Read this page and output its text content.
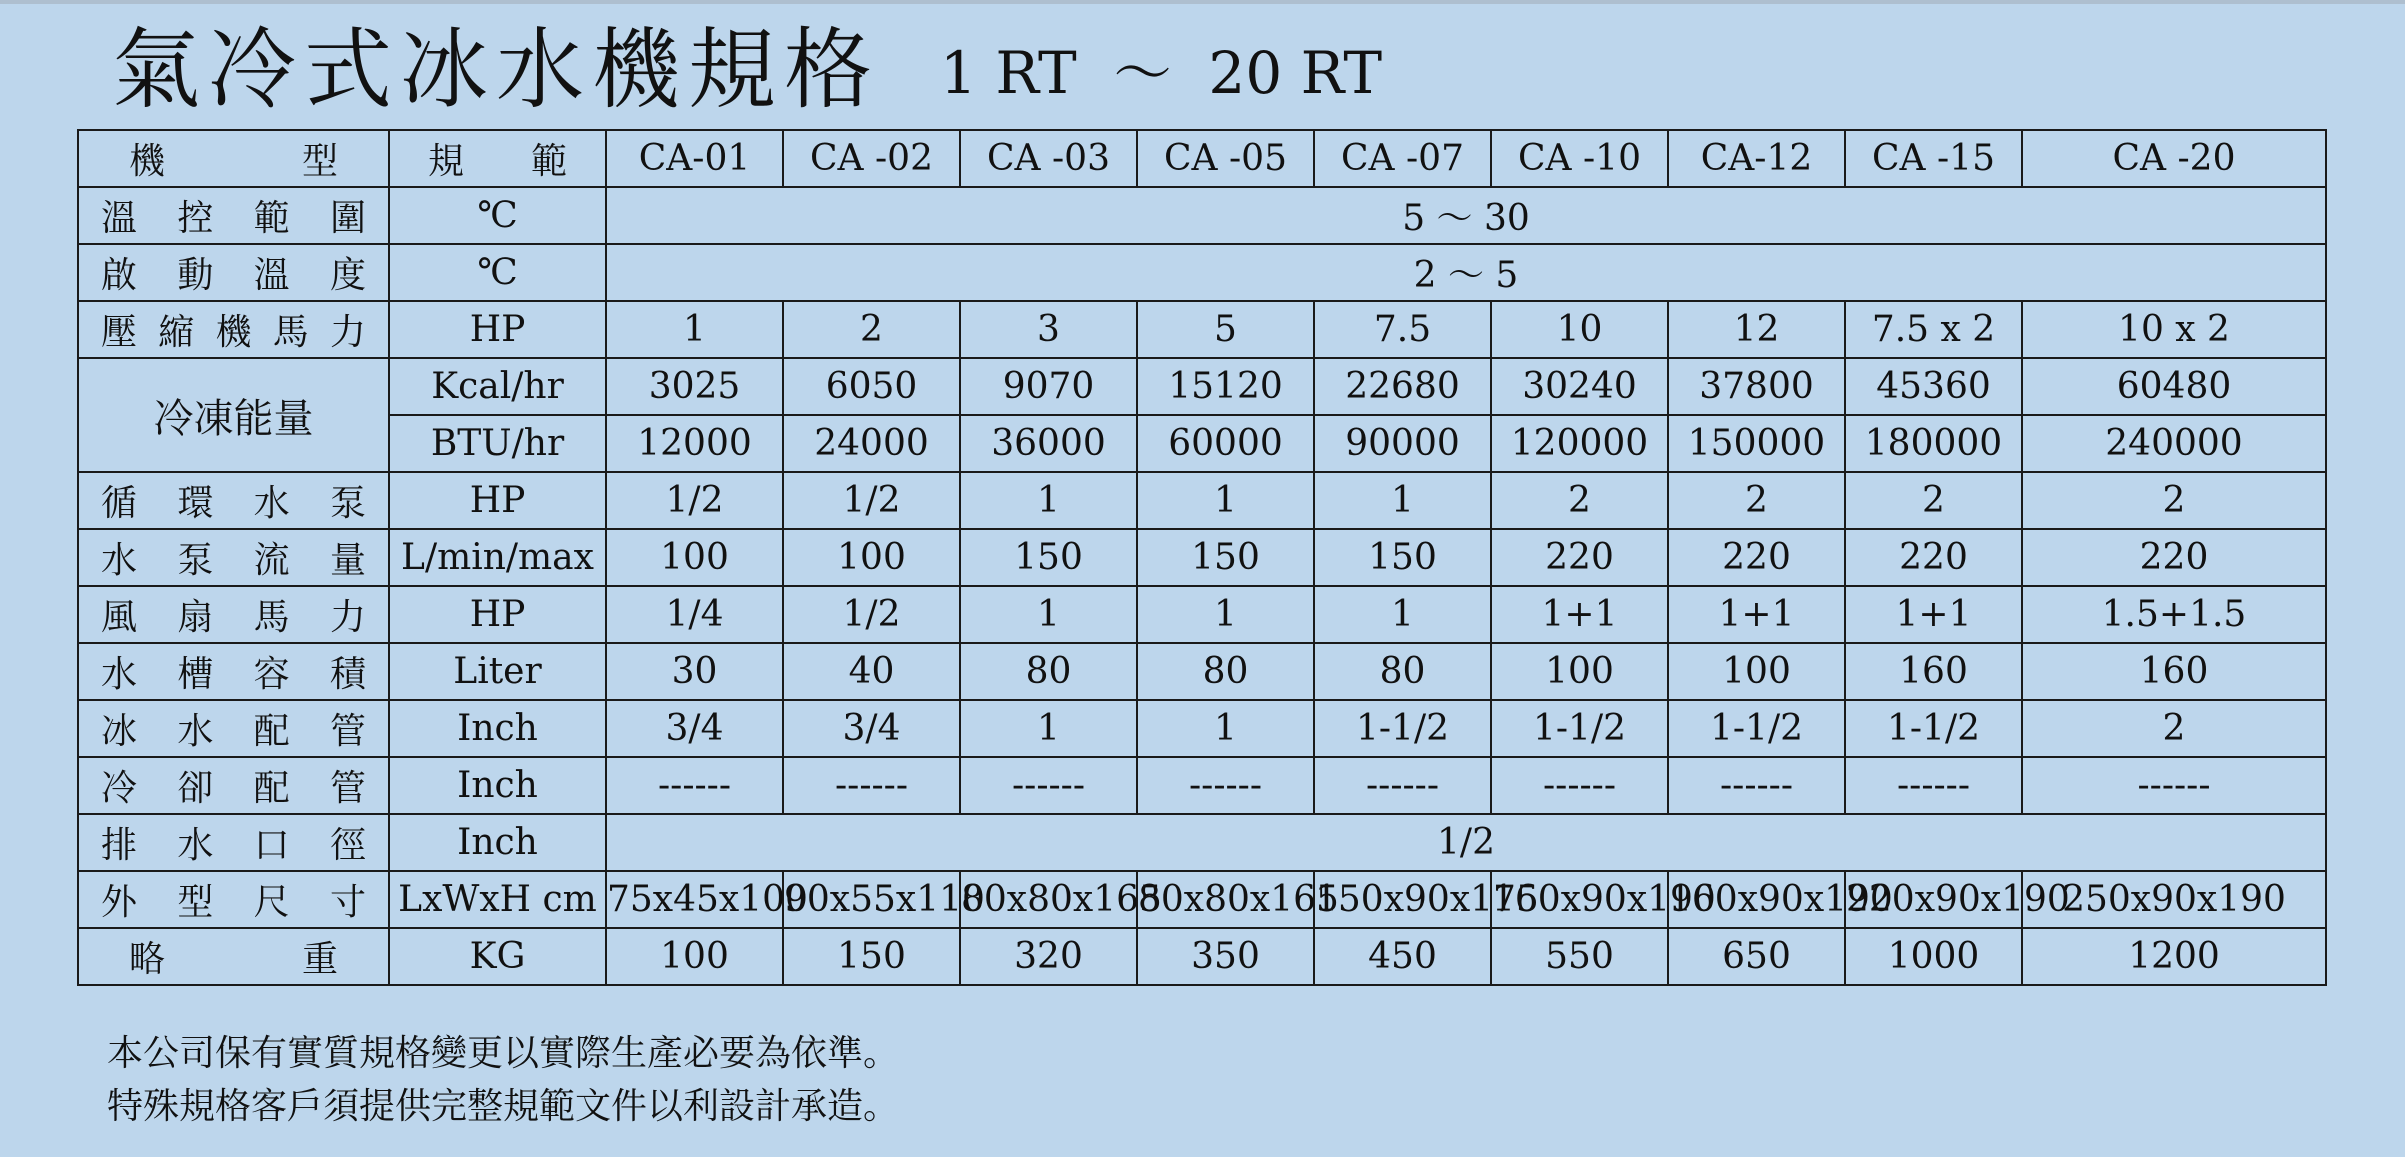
氣冷式冰水機規格 1 RT  ～  20 RT
機型	規範	CA-01	CA -02	CA -03	CA -05	CA -07	CA -10	CA-12	CA -15	CA -20

溫控範圍	℃	5 ～ 30								

啟動溫度	℃	2 ～ 5								

壓縮機馬力	HP	1	2	3	5	7.5	10	12	7.5 x 2	10 x 2
冷凍能量	Kcal/hr	3025	6050	9070	15120	22680	30240	37800	45360	60480
	BTU/hr	12000	24000	36000	60000	90000	120000	150000	180000	240000

循環水泵	HP	1/2	1/2	1	1	1	2	2	2	2

水泵流量	L/min/max	100	100	150	150	150	220	220	220	220

風扇馬力	HP	1/4	1/2	1	1	1	1+1	1+1	1+1	1.5+1.5

水槽容積	Liter	30	40	80	80	80	100	100	160	160

冰水配管	Inch	3/4	3/4	1	1	1-1/2	1-1/2	1-1/2	1-1/2	2

冷卻配管	Inch	------	------	------	------	------	------	------	------	------

排水口徑	Inch	1/2								

外型尺寸	LxWxH cm	75x45x100	90x55x110	80x80x165	80x80x165	150x90x175	160x90x190	160x90x190	220x90x190	250x90x190

略重	KG	100	150	320	350	450	550	650	1000	1200
本公司保有實質規格變更以實際生產必要為依準。
特殊規格客戶須提供完整規範文件以利設計承造。
